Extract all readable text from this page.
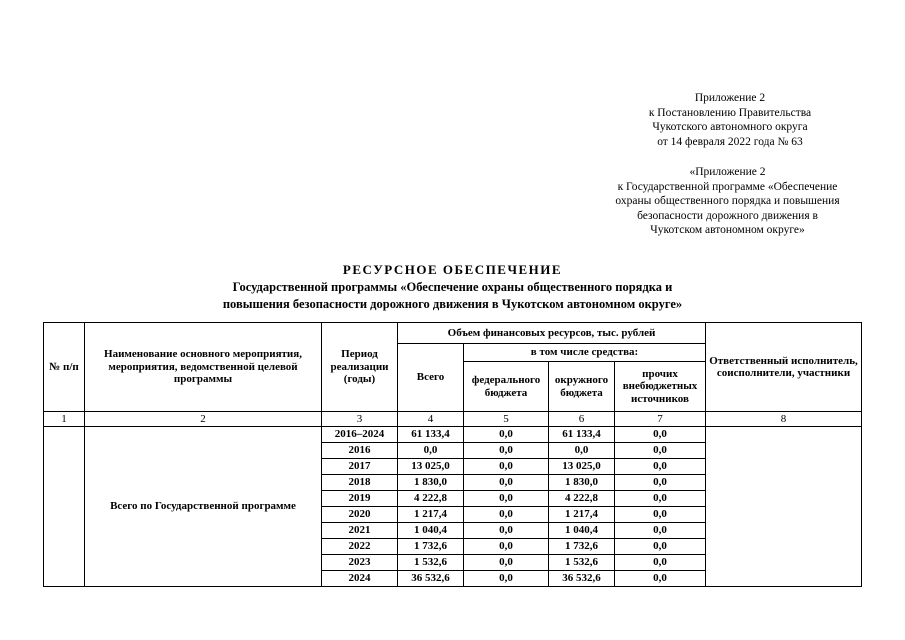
Приложение 2
к Постановлению Правительства
Чукотского автономного округа
от 14 февраля 2022 года № 63
«Приложение 2
к Государственной программе «Обеспечение
охраны общественного порядка и повышения
безопасности дорожного движения в
Чукотском автономном округе»
РЕСУРСНОЕ ОБЕСПЕЧЕНИЕ
Государственной программы «Обеспечение охраны общественного порядка и
повышения безопасности дорожного движения в Чукотском автономном округе»
№ п/п	Наименование основного мероприятия, мероприятия, ведомственной целевой программы	Период реализации (годы)	Объем финансовых ресурсов, тыс. рублей				Ответственный исполнитель, соисполнители, участники
			Всего	в том числе средства:			
				федерального бюджета	окружного бюджета	прочих внебюджетных источников	
1	2	3	4	5	6	7	8
	Всего по Государственной программе	2016–2024	61 133,4	0,0	61 133,4	0,0	
		2016	0,0	0,0	0,0	0,0	
		2017	13 025,0	0,0	13 025,0	0,0	
		2018	1 830,0	0,0	1 830,0	0,0	
		2019	4 222,8	0,0	4 222,8	0,0	
		2020	1 217,4	0,0	1 217,4	0,0	
		2021	1 040,4	0,0	1 040,4	0,0	
		2022	1 732,6	0,0	1 732,6	0,0	
		2023	1 532,6	0,0	1 532,6	0,0	
		2024	36 532,6	0,0	36 532,6	0,0	
